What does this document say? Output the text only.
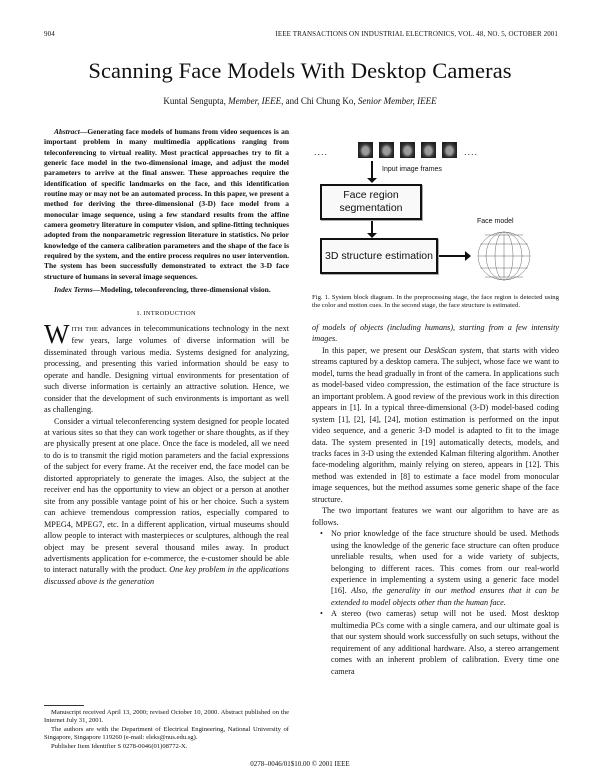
904	IEEE TRANSACTIONS ON INDUSTRIAL ELECTRONICS, VOL. 48, NO. 5, OCTOBER 2001
Scanning Face Models With Desktop Cameras
Kuntal Sengupta, Member, IEEE, and Chi Chung Ko, Senior Member, IEEE

Abstract—Generating face models of humans from video sequences is an important problem in many multimedia applications ranging from teleconferencing to virtual reality. Most practical approaches try to fit a generic face model in the two-dimensional image, and adjust the model parameters to arrive at the final answer. These approaches require the identification of specific landmarks on the face, and this identification routine may or may not be an automated process. In this paper, we present a method for deriving the three-dimensional (3-D) face model from a monocular image sequence, using a few standard results from the affine camera geometry literature in computer vision, and spline-fitting techniques adopted from the nonparametric regression literature in statistics. No prior knowledge of the camera calibration parameters and the shape of the face is required by the system, and the entire process requires no user intervention. The system has been successfully demonstrated to extract the 3-D face structure of humans in several image sequences.

Index Terms—Modeling, teleconferencing, three-dimensional vision.

I. INTRODUCTION

WITH THE advances in telecommunications technology in the next few years, large volumes of diverse information will be disseminated through various media. Systems designed for analyzing, processing, and presenting this varied information should be easy to operate and handle. Designing virtual environments for presentation of such diverse information is certainly an attractive solution. Hence, we consider that the development of such environments is important as well as challenging.

Consider a virtual teleconferencing system designed for people located at various sites so that they can work together or share thoughts, as if they are physically present at one place. Once the face is modeled, all we need to do is to transmit the rigid motion parameters and the facial expressions of the subject for every frame. At the receiver end, the face model can be distorted appropriately to generate the images. Also, the subject at the receiver end has the opportunity to view an object or a person at another site from any possible vantage point of his or her choice. Such a system can achieve tremendous compression ratios, especially compared to MPEG4, MPEG7, etc. In a different application, virtual museums should allow people to interact with masterpieces or sculptures, although the real object may be present several thousand miles away. In product advertisments application for e-commerce, the e-customer should be able to interact naturally with the product. One key problem in the applications discussed above is the generation

Manuscript received April 13, 2000; revised October 10, 2000. Abstract published on the Internet July 31, 2001.

The authors are with the Department of Electrical Engineering, National University of Singapore, Singapore 119260 (e-mail: eleks@nus.edu.sg).

Publisher Item Identifier S 0278-0046(01)08772-X.

....	....
Input image frames
Face region segmentation
3D structure estimation
Face model
Fig. 1. System block diagram. In the preprocessing stage, the face region is detected using the color and motion cues. In the second stage, the face structure is estimated.

of models of objects (including humans), starting from a few intensity images.

In this paper, we present our DeskScan system, that starts with video streams captured by a desktop camera. The subject, whose face we want to model, turns the head gradually in front of the camera. In applications such as model-based video compression, the estimation of the face structure is an important problem. A good review of the previous work in this direction appears in [1]. In a typical three-dimensional (3-D) model-based coding system [1], [2], [4], [24], motion estimation is performed on the input video sequence, and a generic 3-D model is adapted to fit to the image data. The system presented in [19] automatically detects, models, and tracks faces in 3-D using the extended Kalman filtering algorithm. Another face-modeling algorithm, mainly relying on stereo, appears in [12]. This method was extended in [8] to estimate a face model from monocular image sequences, but the method assumes some generic shape of the face structure.

The two important features we want our algorithm to have are as follows.

• No prior knowledge of the face structure should be used. Methods using the knowledge of the generic face structure can often produce unreliable results, when used for a wide variety of subjects, belonging to different races. This comes from our real-world experience in implementing a system using a generic face model [16]. Also, the generality in our method ensures that it can be extended to model objects other than the human face.

• A stereo (two cameras) setup will not be used. Most desktop multimedia PCs come with a single camera, and our ultimate goal is that our system should work successfully on such setups, without the requirement of any additional hardware. Also, a stereo arrangement comes with an inherent problem of calibration. Every time one camera

0278–0046/01$10.00 © 2001 IEEE
